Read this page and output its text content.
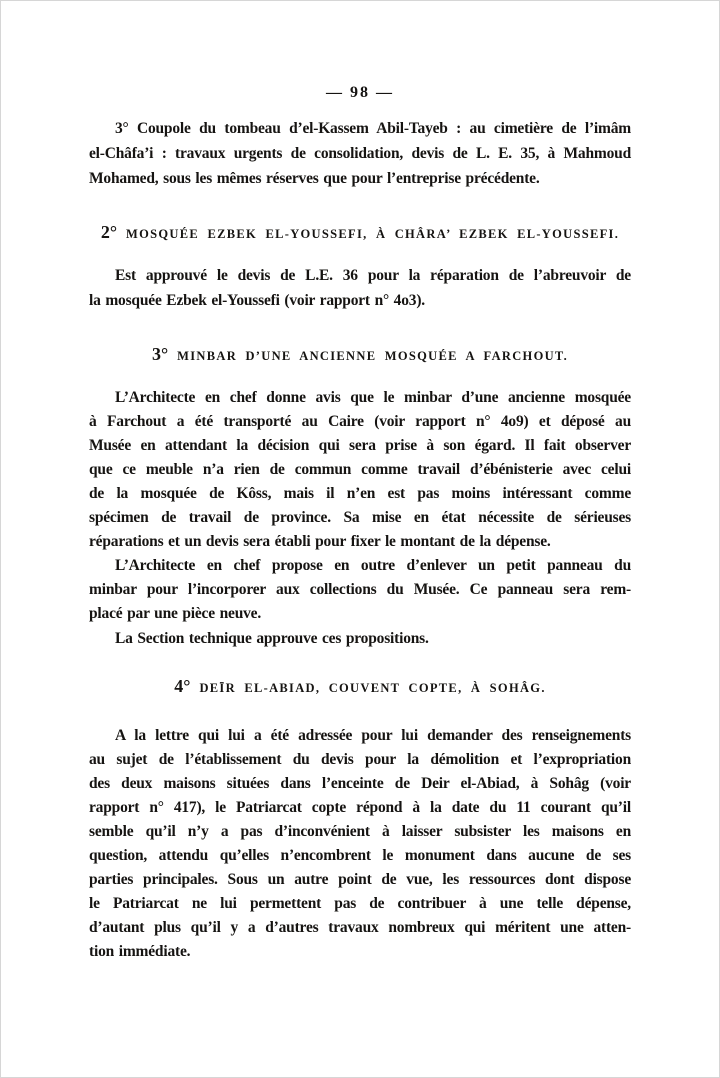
— 98 —
3° Coupole du tombeau d’el-Kassem Abil-Tayeb : au cimetière de l’imâm
el-Châfa’i : travaux urgents de consolidation, devis de L. E. 35, à Mahmoud
Mohamed, sous les mêmes réserves que pour l’entreprise précédente.
2° MOSQUÉE EZBEK EL-YOUSSEFI, À CHÂRA’ EZBEK EL-YOUSSEFI.
Est approuvé le devis de L.E. 36 pour la réparation de l’abreuvoir de
la mosquée Ezbek el-Youssefi (voir rapport n° 4o3).
3° MINBAR D’UNE ANCIENNE MOSQUÉE A FARCHOUT.
L’Architecte en chef donne avis que le minbar d’une ancienne mosquée
à Farchout a été transporté au Caire (voir rapport n° 4o9) et déposé au
Musée en attendant la décision qui sera prise à son égard. Il fait observer
que ce meuble n’a rien de commun comme travail d’ébénisterie avec celui
de la mosquée de Kôss, mais il n’en est pas moins intéressant comme
spécimen de travail de province. Sa mise en état nécessite de sérieuses
réparations et un devis sera établi pour fixer le montant de la dépense.
L’Architecte en chef propose en outre d’enlever un petit panneau du
minbar pour l’incorporer aux collections du Musée. Ce panneau sera rem-
placé par une pièce neuve.
La Section technique approuve ces propositions.
4° DEĪR EL-ABIAD, COUVENT COPTE, À SOHÂG.
A la lettre qui lui a été adressée pour lui demander des renseignements
au sujet de l’établissement du devis pour la démolition et l’expropriation
des deux maisons situées dans l’enceinte de Deir el-Abiad, à Sohâg (voir
rapport n° 417), le Patriarcat copte répond à la date du 11 courant qu’il
semble qu’il n’y a pas d’inconvénient à laisser subsister les maisons en
question, attendu qu’elles n’encombrent le monument dans aucune de ses
parties principales. Sous un autre point de vue, les ressources dont dispose
le Patriarcat ne lui permettent pas de contribuer à une telle dépense,
d’autant plus qu’il y a d’autres travaux nombreux qui méritent une atten-
tion immédiate.
